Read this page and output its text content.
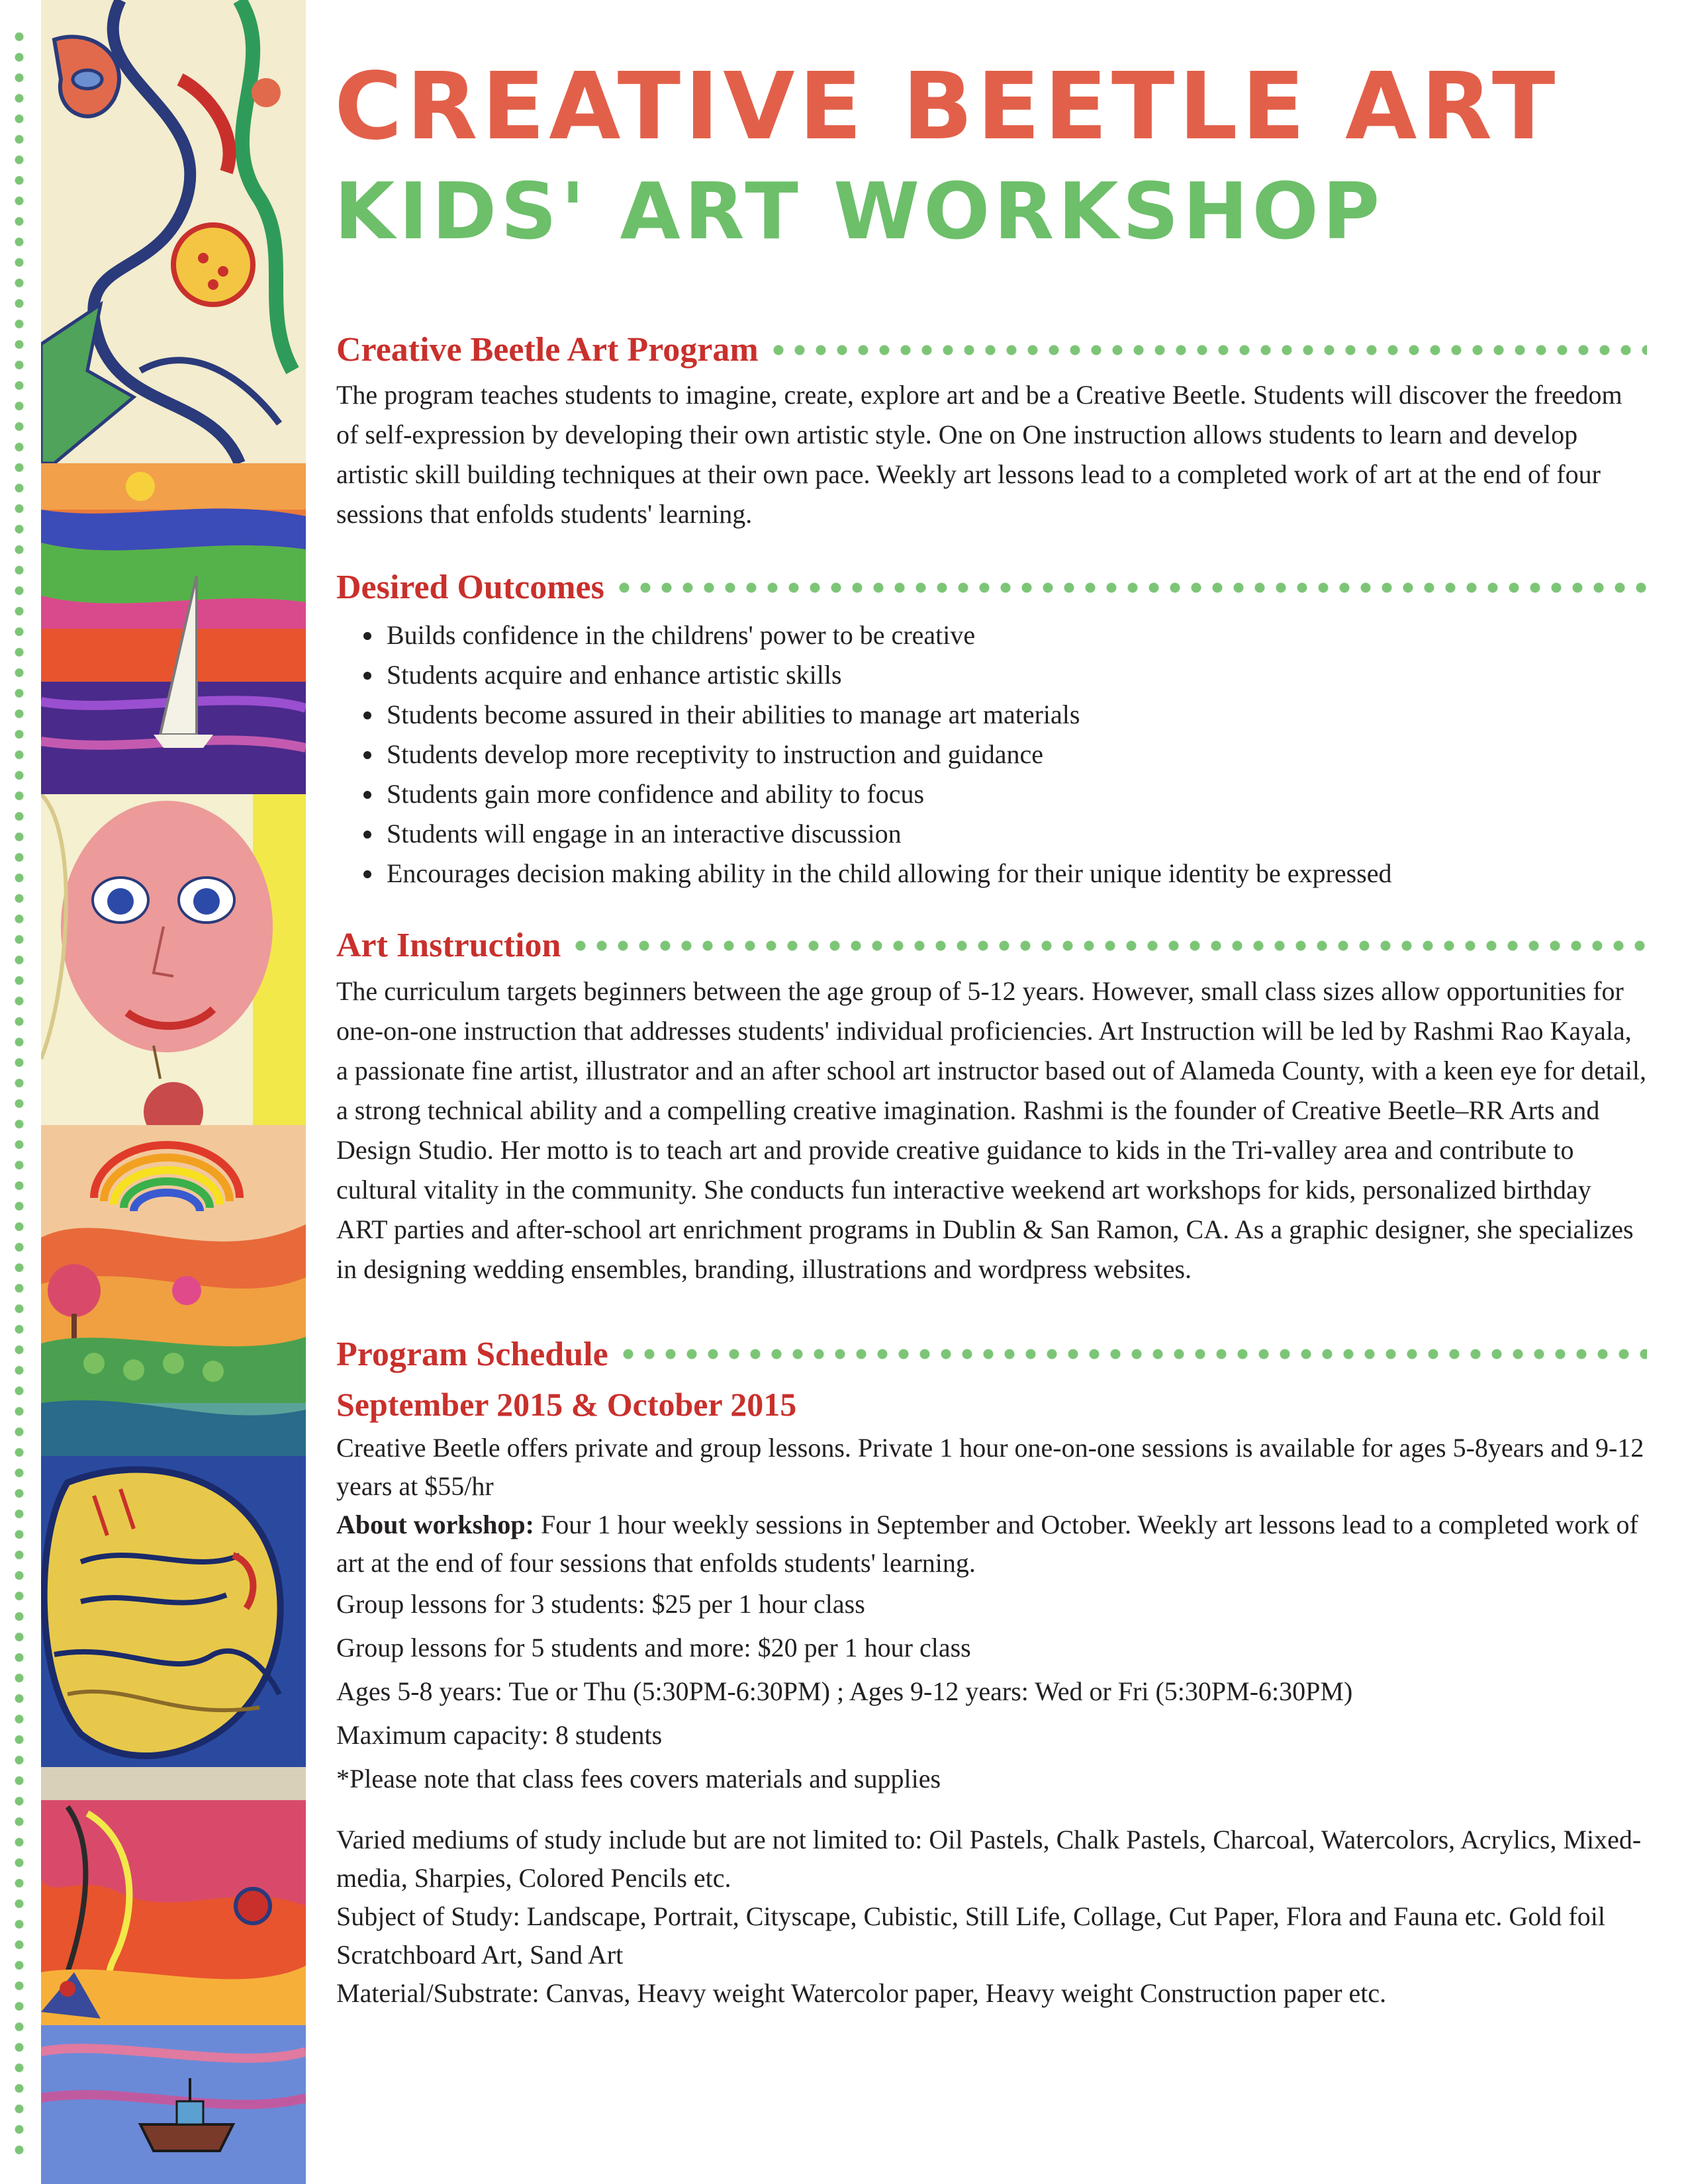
CREATIVE BEETLE ART
KIDS' ART WORKSHOP
Creative Beetle Art Program

The program teaches students to imagine, create, explore art and be a Creative Beetle. Students will discover the freedom of self-expression by developing their own artistic style. One on One instruction allows students to learn and develop artistic skill building techniques at their own pace. Weekly art lessons lead to a completed work of art at the end of four sessions that enfolds students' learning.

Desired Outcomes
• Builds confidence in the childrens' power to be creative
• Students acquire and enhance artistic skills
• Students become assured in their abilities to manage art materials
• Students develop more receptivity to instruction and guidance
• Students gain more confidence and ability to focus
• Students will engage in an interactive discussion
• Encourages decision making ability in the child allowing for their unique identity be expressed
Art Instruction

The curriculum targets beginners between the age group of 5-12 years. However, small class sizes allow opportunities for one-on-one instruction that addresses students' individual proficiencies. Art Instruction will be led by Rashmi Rao Kayala, a passionate fine artist, illustrator and an after school art instructor based out of Alameda County, with a keen eye for detail, a strong technical ability and a compelling creative imagination. Rashmi is the founder of Creative Beetle–RR Arts and Design Studio. Her motto is to teach art and provide creative guidance to kids in the Tri-valley area and contribute to cultural vitality in the community. She conducts fun interactive weekend art workshops for kids, personalized birthday ART parties and after-school art enrichment programs in Dublin & San Ramon, CA. As a graphic designer, she specializes in designing wedding ensembles, branding, illustrations and wordpress websites.

Program Schedule
September 2015 & October 2015

Creative Beetle offers private and group lessons. Private 1 hour one-on-one sessions is available for ages 5-8years and 9-12 years at $55/hr

About workshop: Four 1 hour weekly sessions in September and October. Weekly art lessons lead to a completed work of art at the end of four sessions that enfolds students' learning.

Group lessons for 3 students: $25 per 1 hour class

Group lessons for 5 students and more: $20 per 1 hour class

Ages 5-8 years: Tue or Thu (5:30PM-6:30PM) ; Ages 9-12 years: Wed or Fri (5:30PM-6:30PM)

Maximum capacity: 8 students

*Please note that class fees covers materials and supplies

Varied mediums of study include but are not limited to: Oil Pastels, Chalk Pastels, Charcoal, Watercolors, Acrylics, Mixed-media, Sharpies, Colored Pencils etc.

Subject of Study: Landscape, Portrait, Cityscape, Cubistic, Still Life, Collage, Cut Paper, Flora and Fauna etc. Gold foil Scratchboard Art, Sand Art

Material/Substrate: Canvas, Heavy weight Watercolor paper, Heavy weight Construction paper etc.
